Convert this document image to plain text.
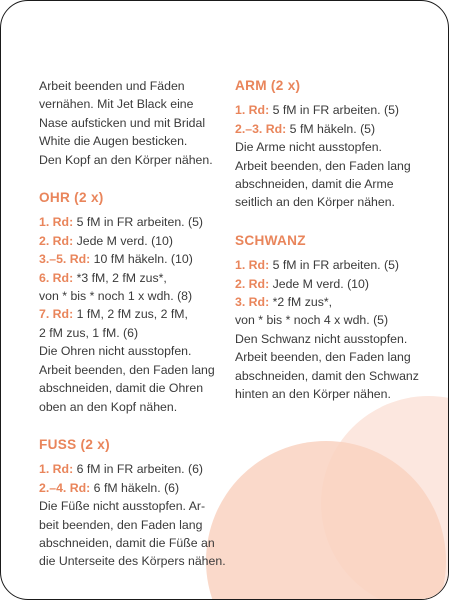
Arbeit beenden und Fäden
vernähen. Mit Jet Black eine
Nase aufsticken und mit Bridal
White die Augen besticken.
Den Kopf an den Körper nähen.
OHR (2 x)
1. Rd: 5 fM in FR arbeiten. (5)
2. Rd: Jede M verd. (10)
3.–5. Rd: 10 fM häkeln. (10)
6. Rd: *3 fM, 2 fM zus*,
von * bis * noch 1 x wdh. (8)
7. Rd: 1 fM, 2 fM zus, 2 fM,
2 fM zus, 1 fM. (6)
Die Ohren nicht ausstopfen.
Arbeit beenden, den Faden lang
abschneiden, damit die Ohren
oben an den Kopf nähen.
FUSS (2 x)
1. Rd: 6 fM in FR arbeiten. (6)
2.–4. Rd: 6 fM häkeln. (6)
Die Füße nicht ausstopfen. Ar-
beit beenden, den Faden lang
abschneiden, damit die Füße an
die Unterseite des Körpers nähen.
ARM (2 x)
1. Rd: 5 fM in FR arbeiten. (5)
2.–3. Rd: 5 fM häkeln. (5)
Die Arme nicht ausstopfen.
Arbeit beenden, den Faden lang
abschneiden, damit die Arme
seitlich an den Körper nähen.
SCHWANZ
1. Rd: 5 fM in FR arbeiten. (5)
2. Rd: Jede M verd. (10)
3. Rd: *2 fM zus*,
von * bis * noch 4 x wdh. (5)
Den Schwanz nicht ausstopfen.
Arbeit beenden, den Faden lang
abschneiden, damit den Schwanz
hinten an den Körper nähen.
